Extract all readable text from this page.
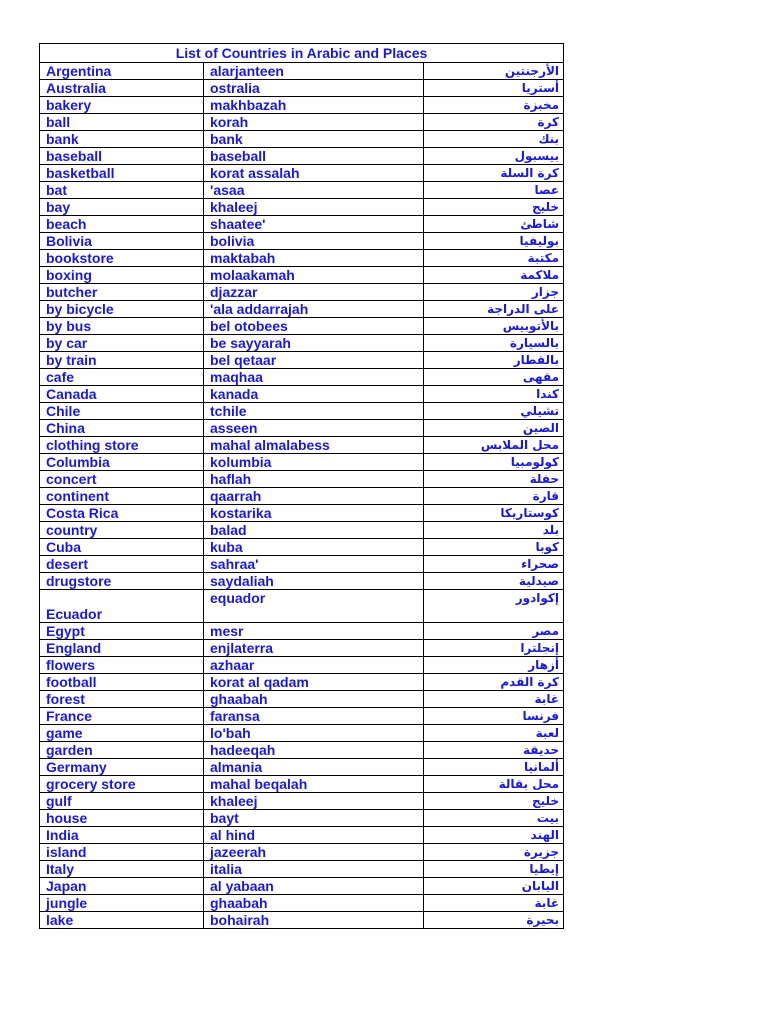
List of Countries in Arabic and Places		
Argentina	alarjanteen	الأرجنتين
Australia	ostralia	أستريا
bakery	makhbazah	مخبزة
ball	korah	كرة
bank	bank	بنك
baseball	baseball	بيسبول
basketball	korat assalah	كرة السلة
bat	'asaa	عصا
bay	khaleej	خليج
beach	shaatee'	شاطئ
Bolivia	bolivia	بوليفيا
bookstore	maktabah	مكتبة
boxing	molaakamah	ملاكمة
butcher	djazzar	جزار
by bicycle	'ala addarrajah	على الدراجة
by bus	bel otobees	بالأتوبيس
by car	be sayyarah	بالسيارة
by train	bel qetaar	بالقطار
cafe	maqhaa	مقهى
Canada	kanada	كندا
Chile	tchile	تشيلي
China	asseen	الصين
clothing store	mahal almalabess	محل الملابس
Columbia	kolumbia	كولومبيا
concert	haflah	حفلة
continent	qaarrah	قارة
Costa Rica	kostarika	كوستاريكا
country	balad	بلد
Cuba	kuba	كوبا
desert	sahraa'	صحراء
drugstore	saydaliah	صيدلية
Ecuador	equador	إكوادور
Egypt	mesr	مصر
England	enjlaterra	إنجلترا
flowers	azhaar	أزهار
football	korat al qadam	كرة القدم
forest	ghaabah	غابة
France	faransa	فرنسا
game	lo'bah	لعبة
garden	hadeeqah	حديقة
Germany	almania	ألمانيا
grocery store	mahal beqalah	محل بقالة
gulf	khaleej	خليج
house	bayt	بيت
India	al hind	الهند
island	jazeerah	جزيرة
Italy	italia	إيطيا
Japan	al yabaan	اليابان
jungle	ghaabah	غابة
lake	bohairah	بحيرة
